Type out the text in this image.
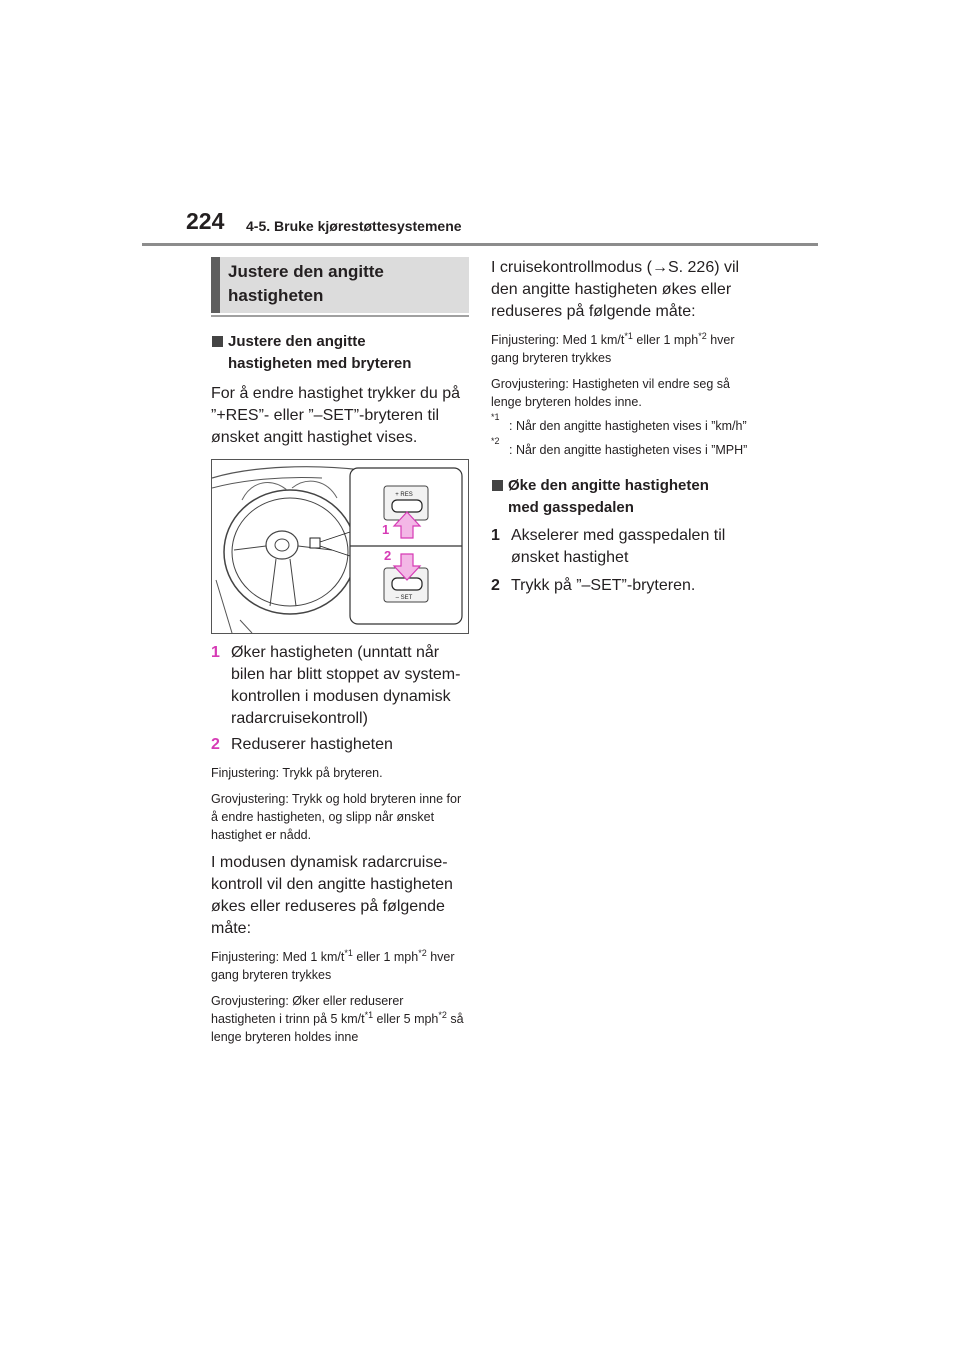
224 4-5. Bruke kjørestøttesystemene
Justere den angitte
hastigheten

Justere den angitte
hastigheten med bryteren

For å endre hastighet trykker du på ”+RES”- eller ”–SET”-bryteren til ønsket angitt hastighet vises.

+ RES
– SET
1
2
1 Øker hastigheten (unntatt når bilen har blitt stoppet av system-kontrollen i modusen dynamisk radarcruisekontroll)
2 Reduserer hastigheten

Finjustering: Trykk på bryteren.

Grovjustering: Trykk og hold bryteren inne for å endre hastigheten, og slipp når ønsket hastighet er nådd.

I modusen dynamisk radarcruise-kontroll vil den angitte hastigheten økes eller reduseres på følgende måte:

Finjustering: Med 1 $km/t^{*1}$ eller 1 mph$^{*2}$ hver gang bryteren trykkes

Grovjustering: Øker eller reduserer hastigheten i trinn på 5 $km/t^{*1}$ eller 5 mph$^{*2}$ så lenge bryteren holdes inne

I cruisekontrollmodus (→S. 226) vil den angitte hastigheten økes eller reduseres på følgende måte:

Finjustering: Med 1 $km/t^{*1}$ eller 1 mph$^{*2}$ hver gang bryteren trykkes

Grovjustering: Hastigheten vil endre seg så lenge bryteren holdes inne.

*1
: Når den angitte hastigheten vises i ”km/h”
*2
: Når den angitte hastigheten vises i ”MPH”

Øke den angitte hastigheten
med gasspedalen

1 Akselerer med gasspedalen til ønsket hastighet
2 Trykk på ”–SET”-bryteren.
